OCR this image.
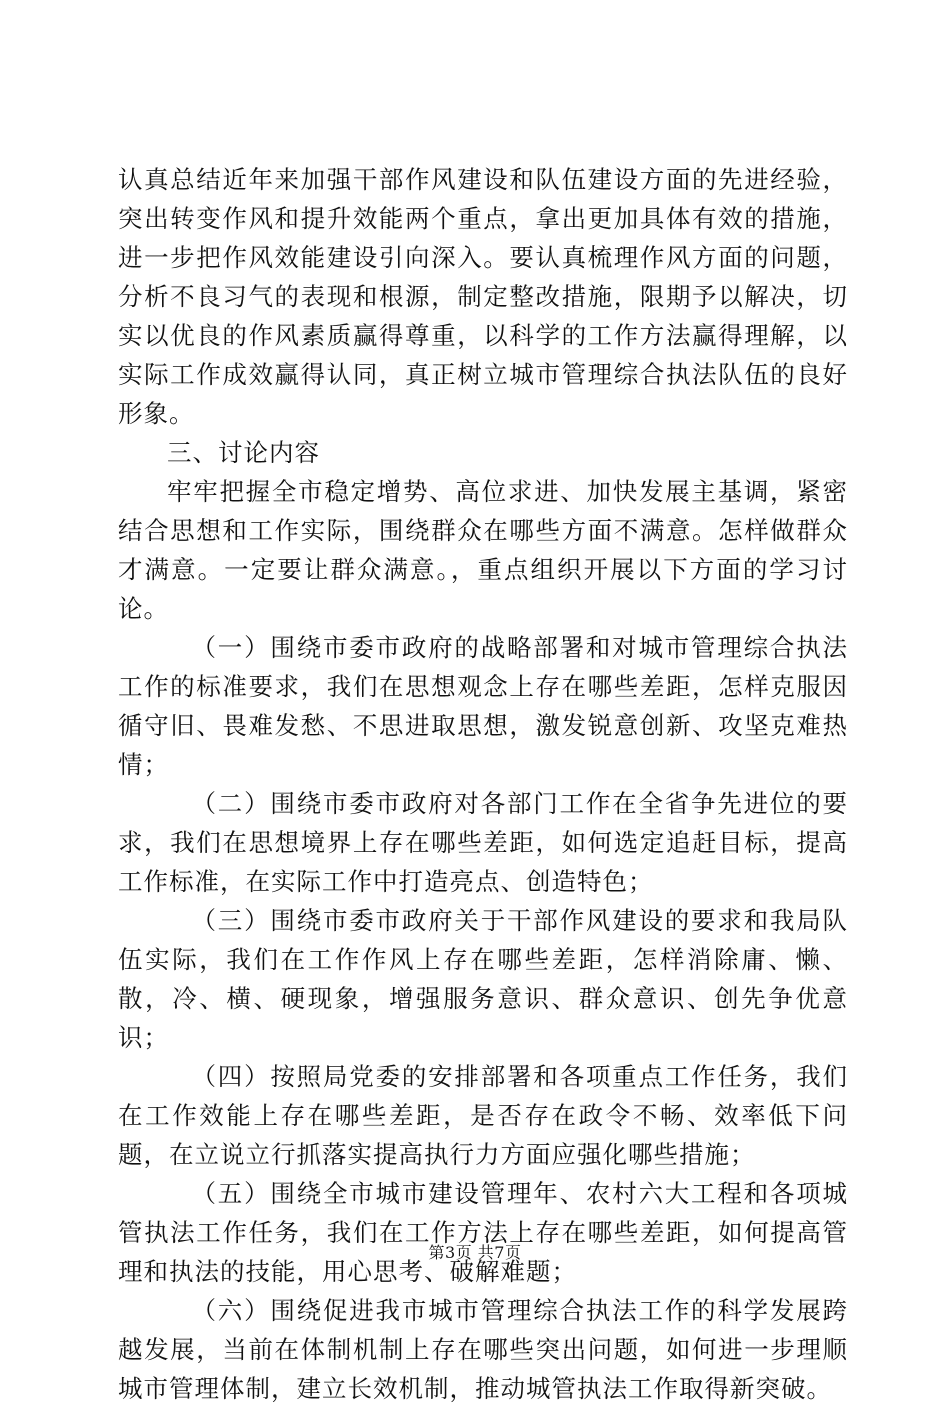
认真总结近年来加强干部作风建设和队伍建设方面的先进经验，突出转变作风和提升效能两个重点，拿出更加具体有效的措施，进一步把作风效能建设引向深入。要认真梳理作风方面的问题，分析不良习气的表现和根源，制定整改措施，限期予以解决，切实以优良的作风素质赢得尊重，以科学的工作方法赢得理解，以实际工作成效赢得认同，真正树立城市管理综合执法队伍的良好形象。

三、讨论内容

牢牢把握全市稳定增势、高位求进、加快发展主基调，紧密结合思想和工作实际，围绕群众在哪些方面不满意。怎样做群众才满意。一定要让群众满意。，重点组织开展以下方面的学习讨论。

（一）围绕市委市政府的战略部署和对城市管理综合执法工作的标准要求，我们在思想观念上存在哪些差距，怎样克服因循守旧、畏难发愁、不思进取思想，激发锐意创新、攻坚克难热情；

（二）围绕市委市政府对各部门工作在全省争先进位的要求，我们在思想境界上存在哪些差距，如何选定追赶目标，提高工作标准，在实际工作中打造亮点、创造特色；

（三）围绕市委市政府关于干部作风建设的要求和我局队伍实际，我们在工作作风上存在哪些差距，怎样消除庸、懒、散，冷、横、硬现象，增强服务意识、群众意识、创先争优意识；

（四）按照局党委的安排部署和各项重点工作任务，我们在工作效能上存在哪些差距，是否存在政令不畅、效率低下问题，在立说立行抓落实提高执行力方面应强化哪些措施；

（五）围绕全市城市建设管理年、农村六大工程和各项城管执法工作任务，我们在工作方法上存在哪些差距，如何提高管理和执法的技能，用心思考、破解难题；

（六）围绕促进我市城市管理综合执法工作的科学发展跨越发展，当前在体制机制上存在哪些突出问题，如何进一步理顺城市管理体制，建立长效机制，推动城管执法工作取得新突破。

第3页 共7页
